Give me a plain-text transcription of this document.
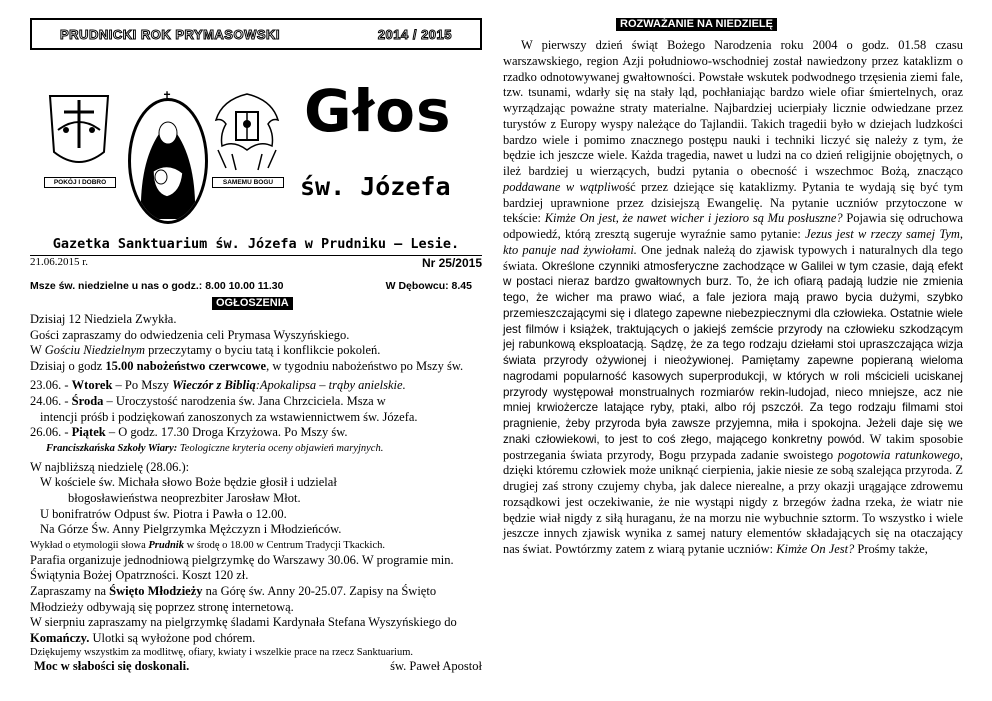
PRUDNICKI ROK PRYMASOWSKI	2014 / 2015
POKÓJ I DOBRO
✝
SAMEMU BOGU
Głos
św. Józefa
Gazetka Sanktuarium św. Józefa w Prudniku – Lesie.
21.06.2015 r.	Nr 25/2015
Msze św. niedzielne u nas o godz.: 8.00 10.00 11.30	W Dębowcu: 8.45
OGŁOSZENIA

Dzisiaj 12 Niedziela Zwykła.

Gości zapraszamy do odwiedzenia celi Prymasa Wyszyńskiego.

W Gościu Niedzielnym przeczytamy o byciu tatą i konflikcie pokoleń.

Dzisiaj o godz 15.00 nabożeństwo czerwcowe, w tygodniu nabożeństwo po Mszy św.

23.06. - Wtorek – Po Mszy Wieczór z Biblią:Apokalipsa – trąby anielskie.

24.06. - Środa – Uroczystość narodzenia św. Jana Chrzciciela. Mszа w

intencji próśb i podziękowań zanoszonych za wstawiennictwem św. Józefa.

26.06. - Piątek – O godz. 17.30 Droga Krzyżowa. Po Mszy św.

Franciszkańska Szkoły Wiary: Teologiczne kryteria oceny objawień maryjnych.

W najbliższą niedzielę (28.06.):

W kościele św. Michała słowo Boże będzie głosił i udzielał

błogosławieństwa neoprezbiter Jarosław Młot.

U bonifratrów Odpust św. Piotra i Pawła o 12.00.

Na Górze Św. Anny Pielgrzymka Mężczyzn i Młodzieńców.

Wykład o etymologii słowa Prudnik w środę o 18.00 w Centrum Tradycji Tkackich.

Parafia organizuje jednodniową pielgrzymkę do Warszawy 30.06. W programie min. Świątynia Bożej Opatrzności. Koszt 120 zł.

Zapraszamy na Święto Młodzieży na Górę św. Anny 20-25.07. Zapisy na Święto Młodzieży odbywają się poprzez stronę internetową.

W sierpniu zapraszamy na pielgrzymkę śladami Kardynała Stefana Wyszyńskiego do Komańczy. Ulotki są wyłożone pod chórem.

Dziękujemy wszystkim za modlitwę, ofiary, kwiaty i wszelkie prace na rzecz Sanktuarium.

Moc w słabości się doskonali.	św. Paweł Apostoł

ROZWAŻANIE NA NIEDZIELĘ

W pierwszy dzień świąt Bożego Narodzenia roku 2004 o godz. 01.58 czasu warszawskiego, region Azji południowo-wschodniej został nawiedzony przez kataklizm o rzadko odnotowywanej gwałtowności. Powstałe wskutek podwodnego trzęsienia ziemi fale, tzw. tsunami, wdarły się na stały ląd, pochłaniając bardzo wiele ofiar śmiertelnych, oraz wyrządzając poważne straty materialne. Najbardziej ucierpiały licznie odwiedzane przez turystów z Europy wyspy należące do Tajlandii. Takich tragedii było w dziejach ludzkości bardzo wiele i pomimo znacznego postępu nauki i techniki liczyć się należy z tym, że będzie ich jeszcze wiele. Każda tragedia, nawet u ludzi na co dzień religijnie obojętnych, o ileż bardziej u wierzących, budzi pytania o obecność i wszechmoc Bożą, znacząco poddawane w wątpliwość przez dziejące się kataklizmy. Pytania te wydają się być tym bardziej uprawnione przez dzisiejszą Ewangelię. Na pytanie uczniów przytoczone w tekście: Kimże On jest, że nawet wicher i jezioro są Mu posłuszne? Pojawia się odruchowa odpowiedź, którą zresztą sugeruje wyraźnie samo pytanie: Jezus jest w rzeczy samej Tym, kto panuje nad żywiołami. One jednak należą do zjawisk typowych i naturalnych dla tego świata. Określone czynniki atmosferyczne zachodzące w Galilei w tym czasie, dają efekt w postaci nieraz bardzo gwałtownych burz. To, że ich ofiarą padają ludzie nie zmienia tego, że wicher ma prawo wiać, a fale jeziora mają prawo bycia dużymi, szybko przemieszczającymi się i dlatego zapewne niebezpiecznymi dla człowieka. Ostatnie wiele jest filmów i książek, traktujących o jakiejś zemście przyrody na człowieku szkodzącym jej rabunkową eksploatacją. Sądzę, że za tego rodzaju dziełami stoi upraszczająca wizja świata przyrody ożywionej i nieożywionej. Pamiętamy zapewne popieraną wieloma nagrodami popularność kasowych superprodukcji, w których w roli mścicieli uciskanej przyrody występował monstrualnych rozmiarów rekin-ludojad, nieco mniejsze, acz nie mniej krwiożercze latające ryby, ptaki, albo rój pszczół. Za tego rodzaju filmami stoi pragnienie, żeby przyroda była zawsze przyjemna, miła i spokojna. Jeżeli daje się we znaki człowiekowi, to jest to coś złego, mającego konkretny powód. W takim sposobie postrzegania świata przyrody, Bogu przypada zadanie swoistego pogotowia ratunkowego, dzięki któremu człowiek może uniknąć cierpienia, jakie niesie ze sobą szalejąca przyroda. Z drugiej zaś strony czujemy chyba, jak dalece nierealne, a przy okazji urągające zdrowemu rozsądkowi jest oczekiwanie, że nie wystąpi nigdy z brzegów żadna rzeka, że wiatr nie będzie wiał nigdy z siłą huraganu, że na morzu nie wybuchnie sztorm. To wszystko i wiele jeszcze innych zjawisk wynika z samej natury elementów składających się na otaczający nas świat. Powtórzmy zatem z wiarą pytanie uczniów: Kimże On Jest? Prośmy także,
